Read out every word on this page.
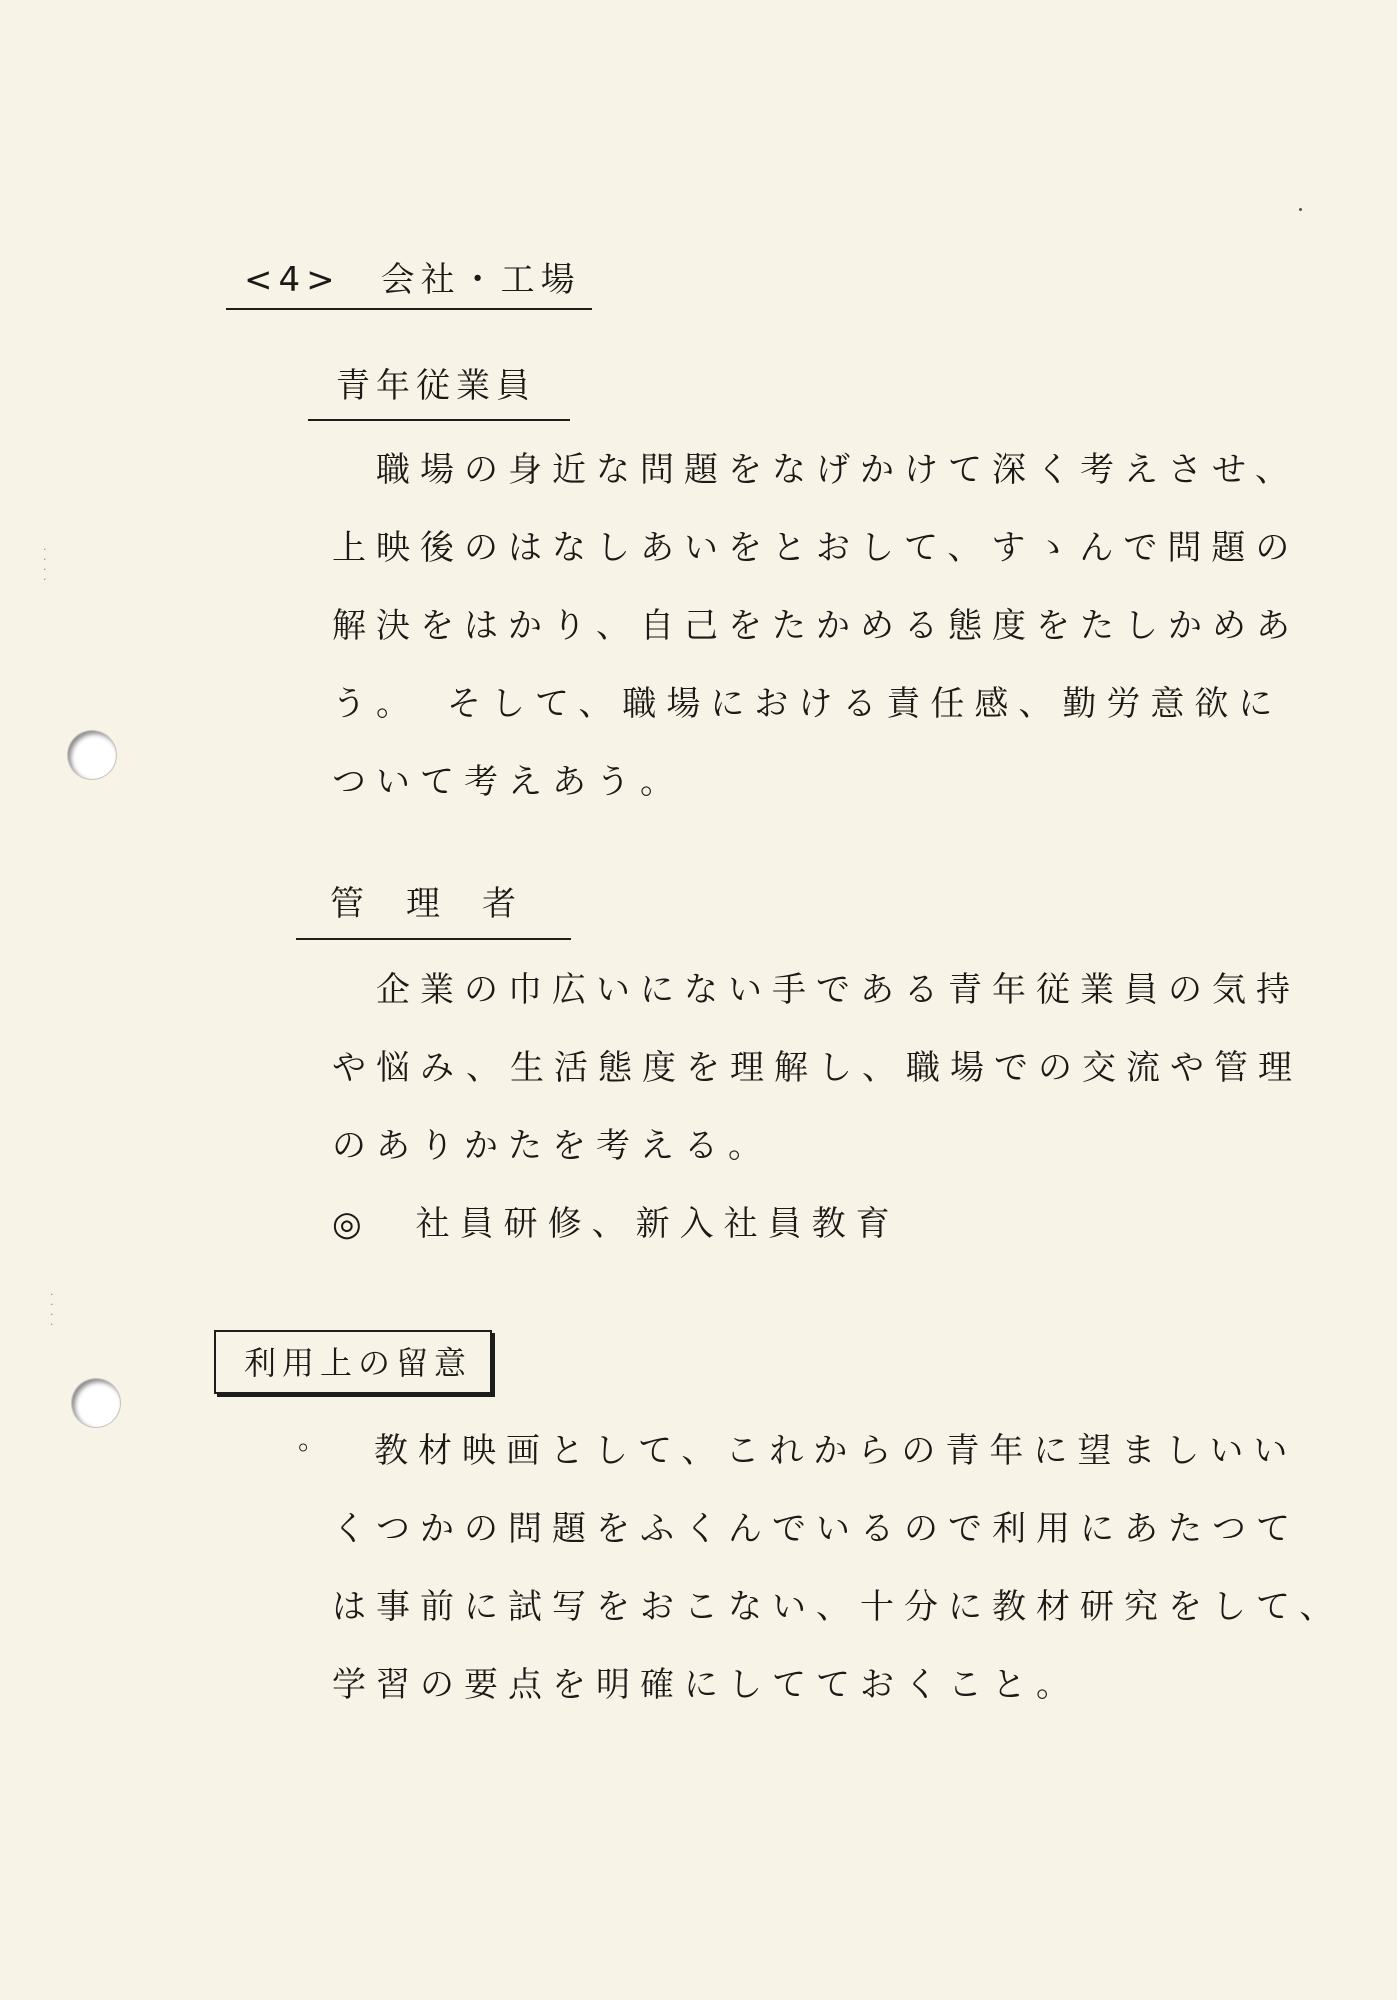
·
·
·
·
·
·
·
·
<4>　会社・工場
青年従業員
　職場の身近な問題をなげかけて深く考えさせ、
上映後のはなしあいをとおして、すゝんで問題の
解決をはかり、自己をたかめる態度をたしかめあ
う。　そして、職場における責任感、勤労意欲に
ついて考えあう。
管　理　者
　企業の巾広いにない手である青年従業員の気持
や悩み、生活態度を理解し、職場での交流や管理
のありかたを考える。
◎　社員研修、新入社員教育
利用上の留意
。	教材映画として、これからの青年に望ましいい
くつかの問題をふくんでいるので利用にあたつて
は事前に試写をおこない、十分に教材研究をして、
学習の要点を明確にしてておくこと。
